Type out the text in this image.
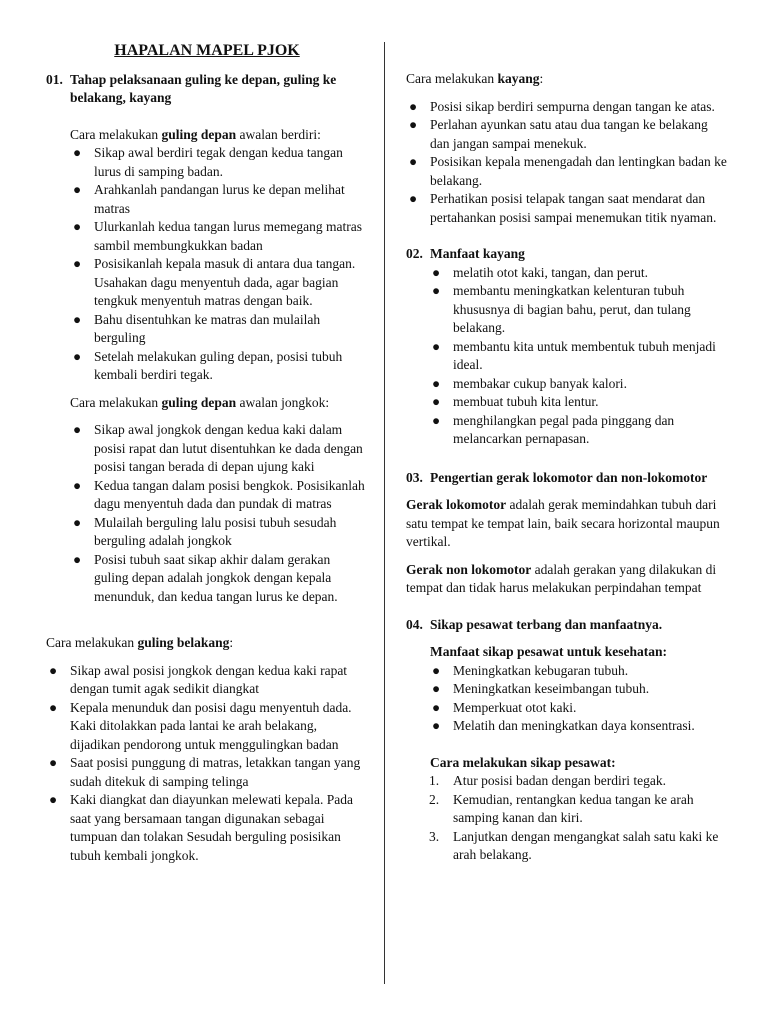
HAPALAN MAPEL PJOK
01. Tahap pelaksanaan guling ke depan, guling ke belakang, kayang

Cara melakukan guling depan awalan berdiri:

● Sikap awal berdiri tegak dengan kedua tangan lurus di samping badan.
● Arahkanlah pandangan lurus ke depan melihat matras
● Ulurkanlah kedua tangan lurus memegang matras sambil membungkukkan badan
● Posisikanlah kepala masuk di antara dua tangan. Usahakan dagu menyentuh dada, agar bagian tengkuk menyentuh matras dengan baik.
● Bahu disentuhkan ke matras dan mulailah berguling
● Setelah melakukan guling depan, posisi tubuh kembali berdiri tegak.

Cara melakukan guling depan awalan jongkok:

● Sikap awal jongkok dengan kedua kaki dalam posisi rapat dan lutut disentuhkan ke dada dengan posisi tangan berada di depan ujung kaki
● Kedua tangan dalam posisi bengkok. Posisikanlah dagu menyentuh dada dan pundak di matras
● Mulailah berguling lalu posisi tubuh sesudah berguling adalah jongkok
● Posisi tubuh saat sikap akhir dalam gerakan guling depan adalah jongkok dengan kepala menunduk, dan kedua tangan lurus ke depan.

Cara melakukan guling belakang:

● Sikap awal posisi jongkok dengan kedua kaki rapat dengan tumit agak sedikit diangkat
● Kepala menunduk dan posisi dagu menyentuh dada. Kaki ditolakkan pada lantai ke arah belakang, dijadikan pendorong untuk menggulingkan badan
● Saat posisi punggung di matras, letakkan tangan yang sudah ditekuk di samping telinga
● Kaki diangkat dan diayunkan melewati kepala. Pada saat yang bersamaan tangan digunakan sebagai tumpuan dan tolakan Sesudah berguling posisikan tubuh kembali jongkok.

Cara melakukan kayang:

● Posisi sikap berdiri sempurna dengan tangan ke atas.
● Perlahan ayunkan satu atau dua tangan ke belakang dan jangan sampai menekuk.
● Posisikan kepala menengadah dan lentingkan badan ke belakang.
● Perhatikan posisi telapak tangan saat mendarat dan pertahankan posisi sampai menemukan titik nyaman.
02. Manfaat kayang
● melatih otot kaki, tangan, dan perut.
● membantu meningkatkan kelenturan tubuh khususnya di bagian bahu, perut, dan tulang belakang.
● membantu kita untuk membentuk tubuh menjadi ideal.
● membakar cukup banyak kalori.
● membuat tubuh kita lentur.
● menghilangkan pegal pada pinggang dan melancarkan pernapasan.
03. Pengertian gerak lokomotor dan non-lokomotor

Gerak lokomotor adalah gerak memindahkan tubuh dari satu tempat ke tempat lain, baik secara horizontal maupun vertikal.

Gerak non lokomotor adalah gerakan yang dilakukan di tempat dan tidak harus melakukan perpindahan tempat

04. Sikap pesawat terbang dan manfaatnya.

Manfaat sikap pesawat untuk kesehatan:

● Meningkatkan kebugaran tubuh.
● Meningkatkan keseimbangan tubuh.
● Memperkuat otot kaki.
● Melatih dan meningkatkan daya konsentrasi.

Cara melakukan sikap pesawat:

1. Atur posisi badan dengan berdiri tegak.
2. Kemudian, rentangkan kedua tangan ke arah samping kanan dan kiri.
3. Lanjutkan dengan mengangkat salah satu kaki ke arah belakang.
